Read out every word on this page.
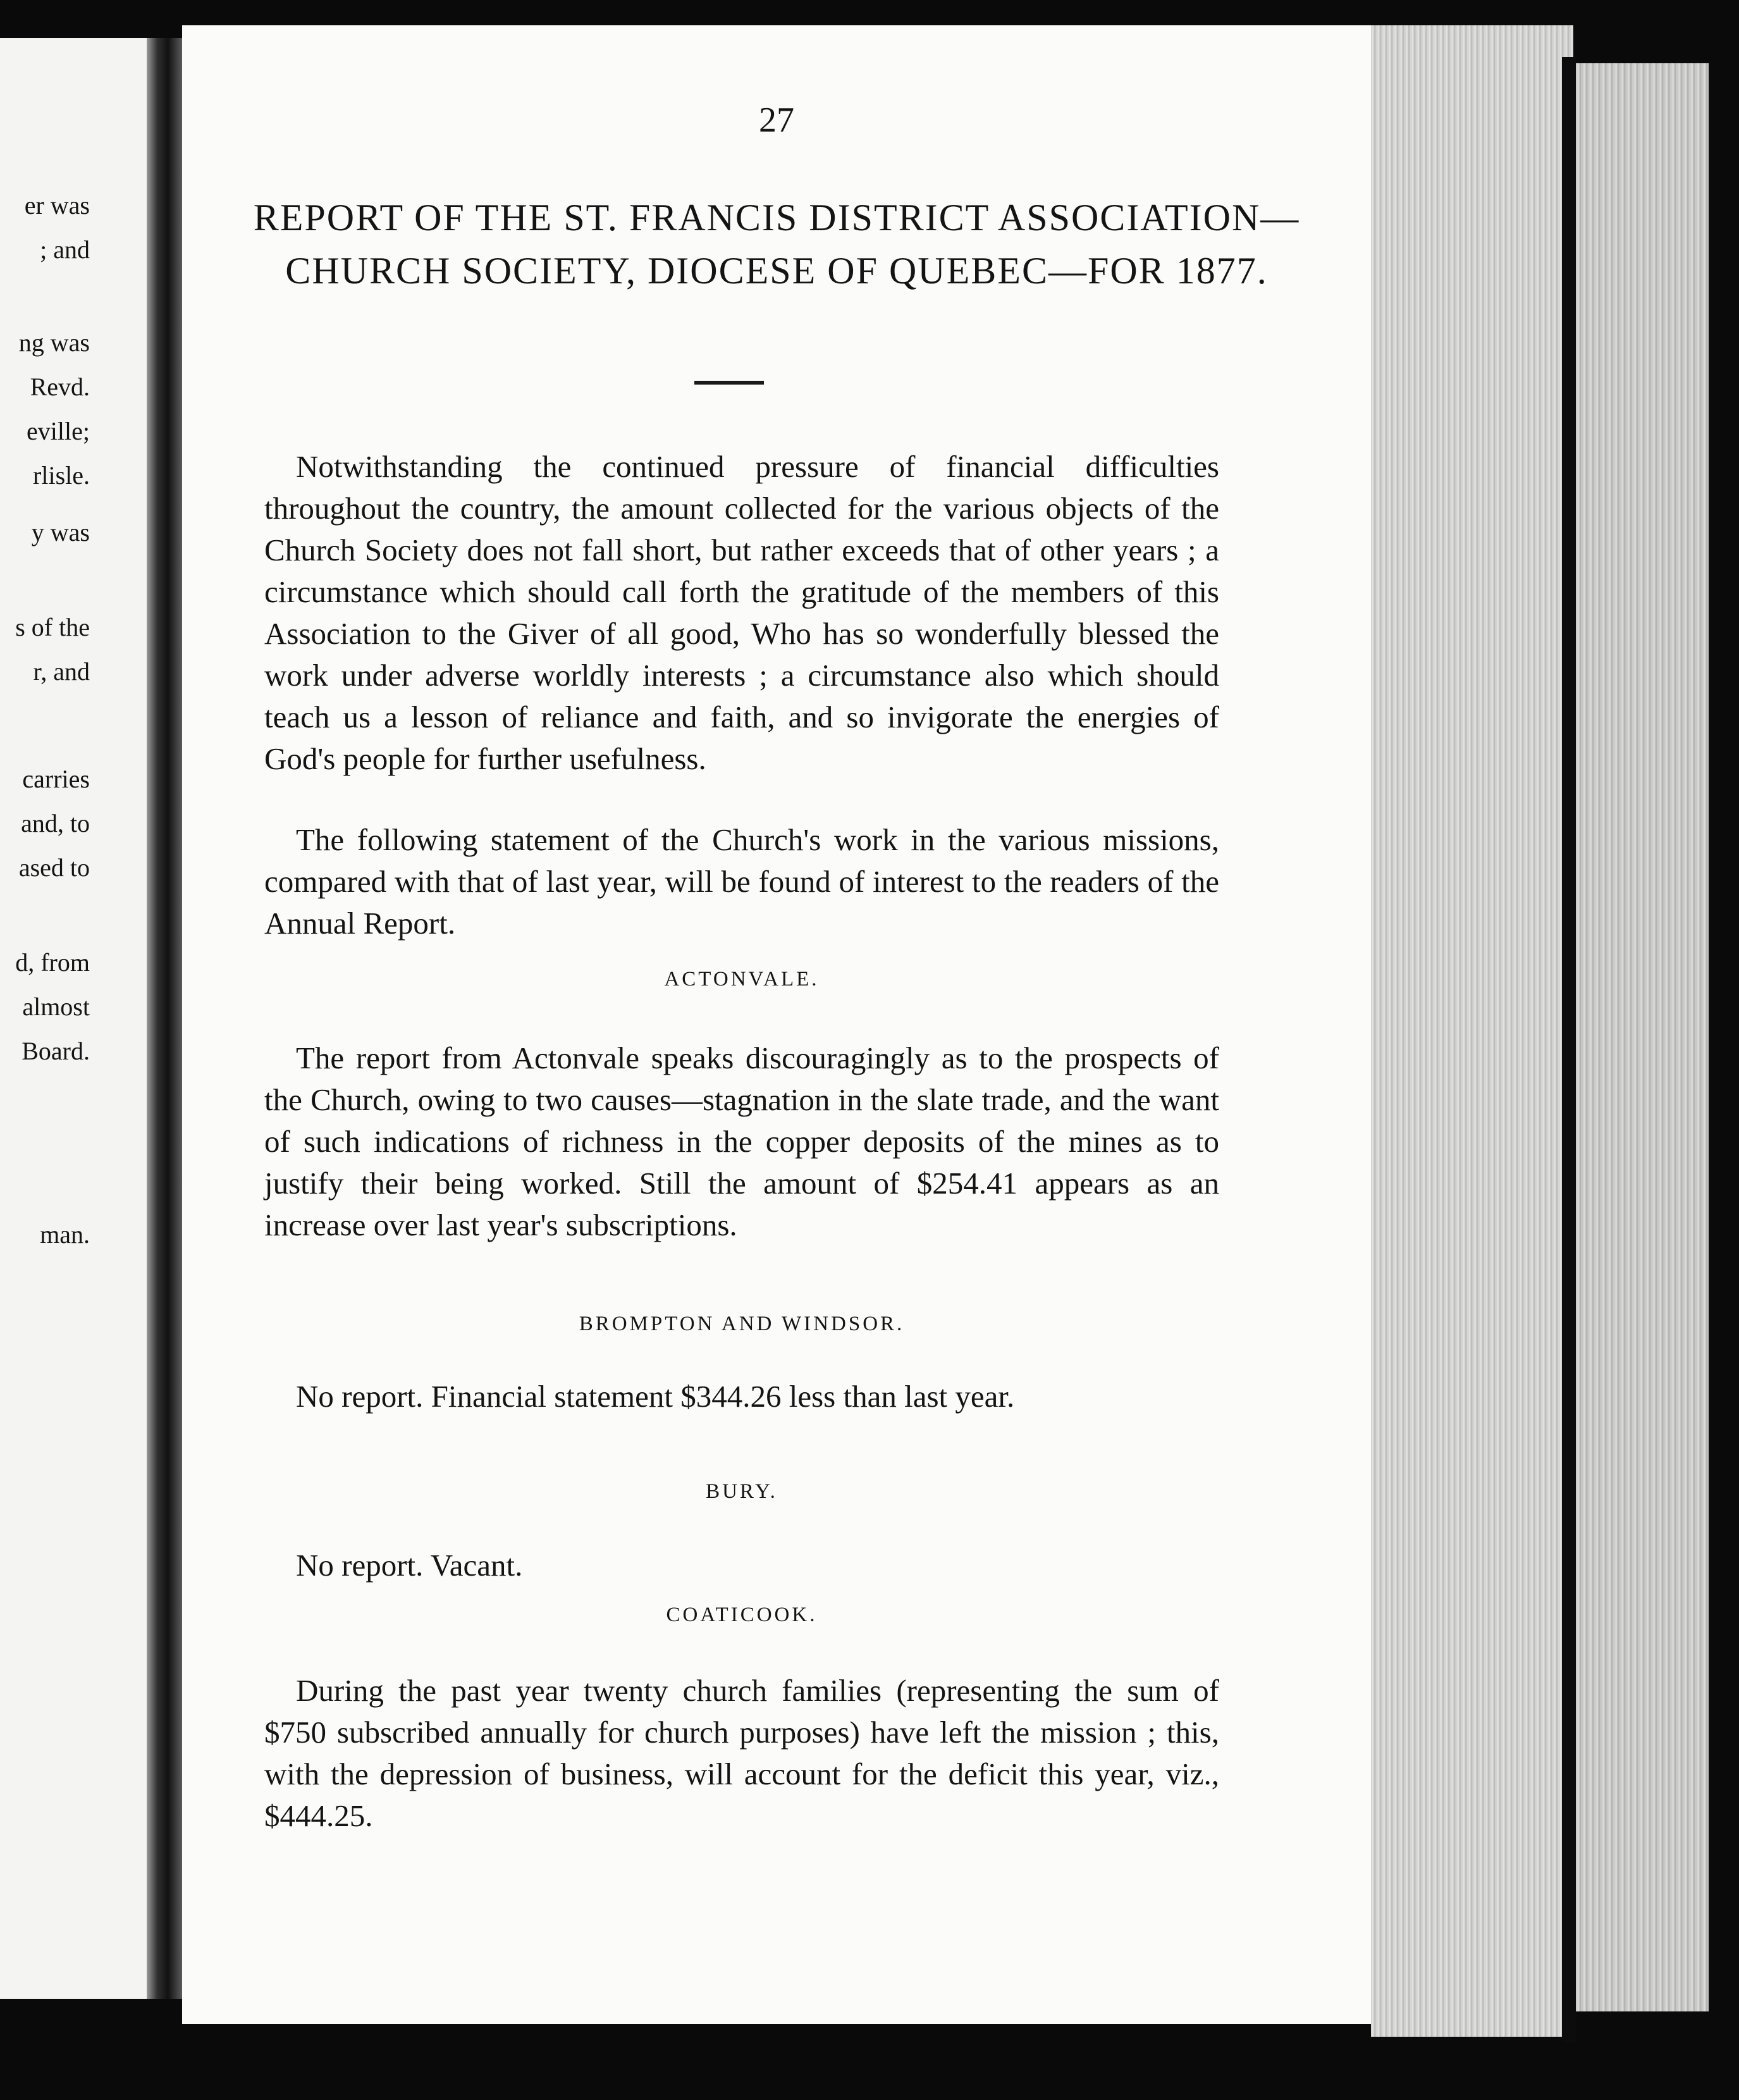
er was
; and
ng was
Revd.
eville;
rlisle.
y was
s of the
r, and
carries
and, to
ased to
d, from
almost
Board.
man.
27
REPORT OF THE ST. FRANCIS DISTRICT ASSOCIATION—CHURCH SOCIETY, DIOCESE OF QUEBEC—FOR 1877.

Notwithstanding the continued pressure of financial difficulties throughout the country, the amount collected for the various objects of the Church Society does not fall short, but rather exceeds that of other years ; a circumstance which should call forth the gratitude of the members of this Association to the Giver of all good, Who has so wonderfully blessed the work under adverse worldly interests ; a circumstance also which should teach us a lesson of reliance and faith, and so invigorate the energies of God's people for further usefulness.

The following statement of the Church's work in the various missions, compared with that of last year, will be found of interest to the readers of the Annual Report.

ACTONVALE.

The report from Actonvale speaks discouragingly as to the prospects of the Church, owing to two causes—stagnation in the slate trade, and the want of such indications of richness in the copper deposits of the mines as to justify their being worked. Still the amount of $254.41 appears as an increase over last year's subscriptions.

BROMPTON AND WINDSOR.

No report. Financial statement $344.26 less than last year.

BURY.

No report. Vacant.

COATICOOK.

During the past year twenty church families (representing the sum of $750 subscribed annually for church purposes) have left the mission ; this, with the depression of business, will account for the deficit this year, viz., $444.25.
